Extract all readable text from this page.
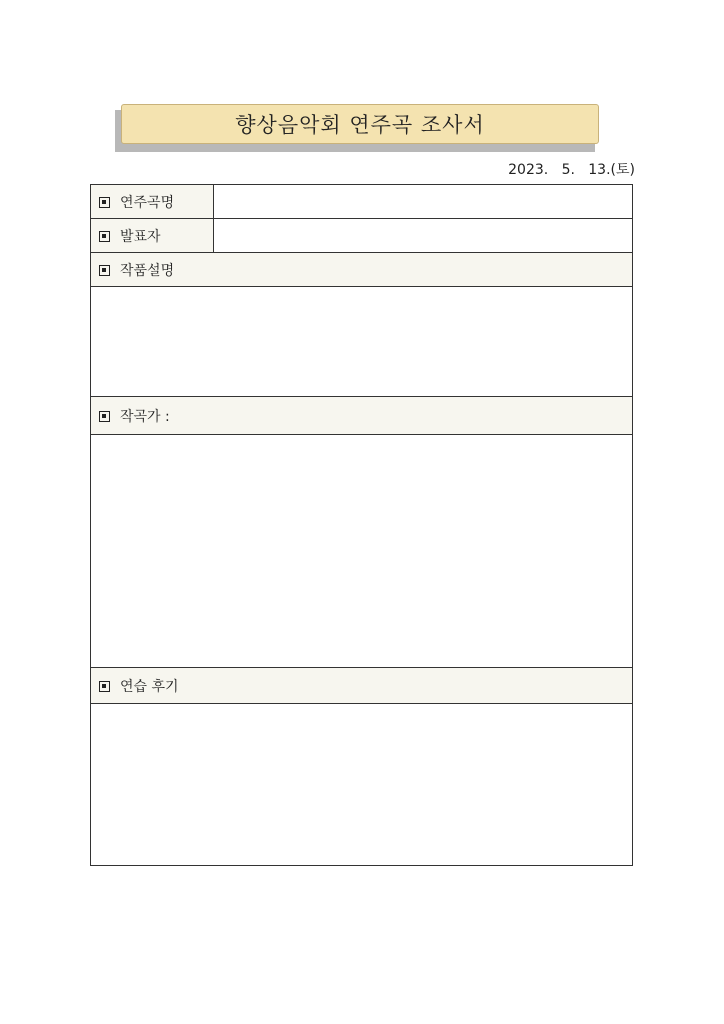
향상음악회 연주곡 조사서
2023.   5.   13.(토)
연주곡명	
발표자	
작품설명	

작곡가 :	

연습 후기	
